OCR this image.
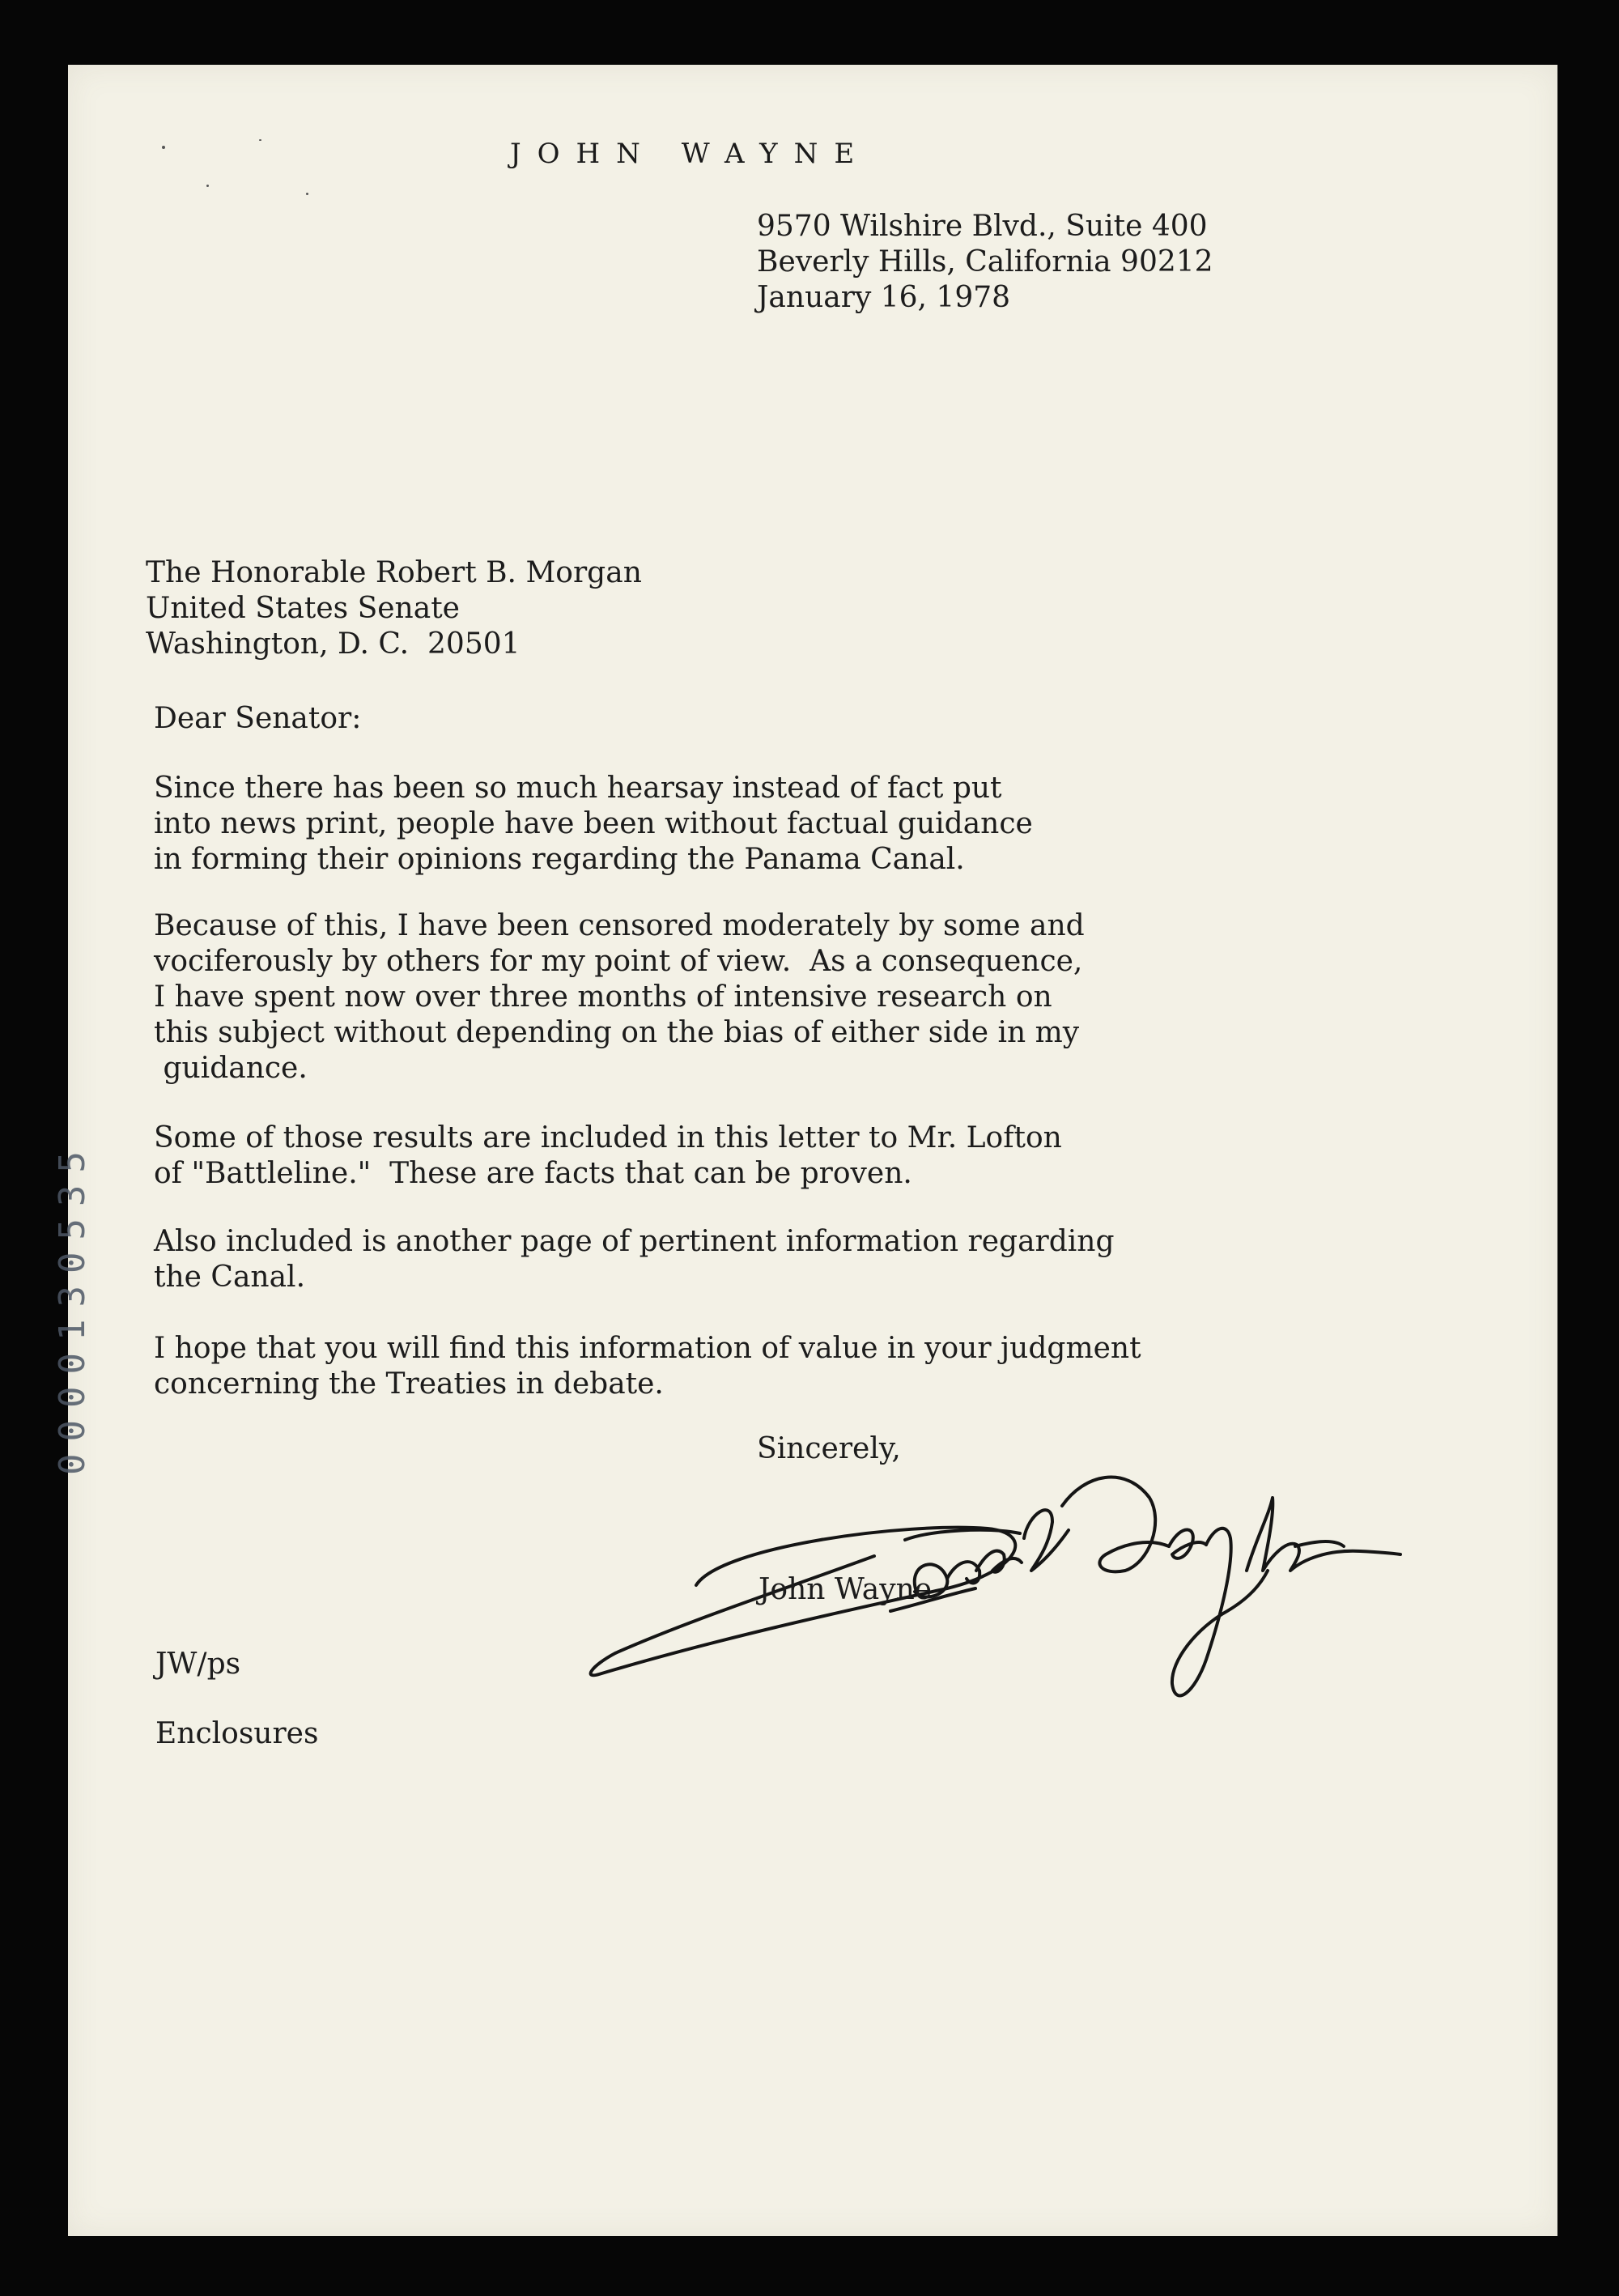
JOHN WAYNE
9570 Wilshire Blvd., Suite 400
Beverly Hills, California 90212
January 16, 1978
The Honorable Robert B. Morgan
United States Senate
Washington, D. C.  20501
Dear Senator:
Since there has been so much hearsay instead of fact put
into news print, people have been without factual guidance
in forming their opinions regarding the Panama Canal.
Because of this, I have been censored moderately by some and
vociferously by others for my point of view.  As a consequence,
I have spent now over three months of intensive research on
this subject without depending on the bias of either side in my
guidance.
Some of those results are included in this letter to Mr. Lofton
of "Battleline."  These are facts that can be proven.
Also included is another page of pertinent information regarding
the Canal.
I hope that you will find this information of value in your judgment
concerning the Treaties in debate.
Sincerely,
John Wayne
JW/ps
Enclosures
0000130535
